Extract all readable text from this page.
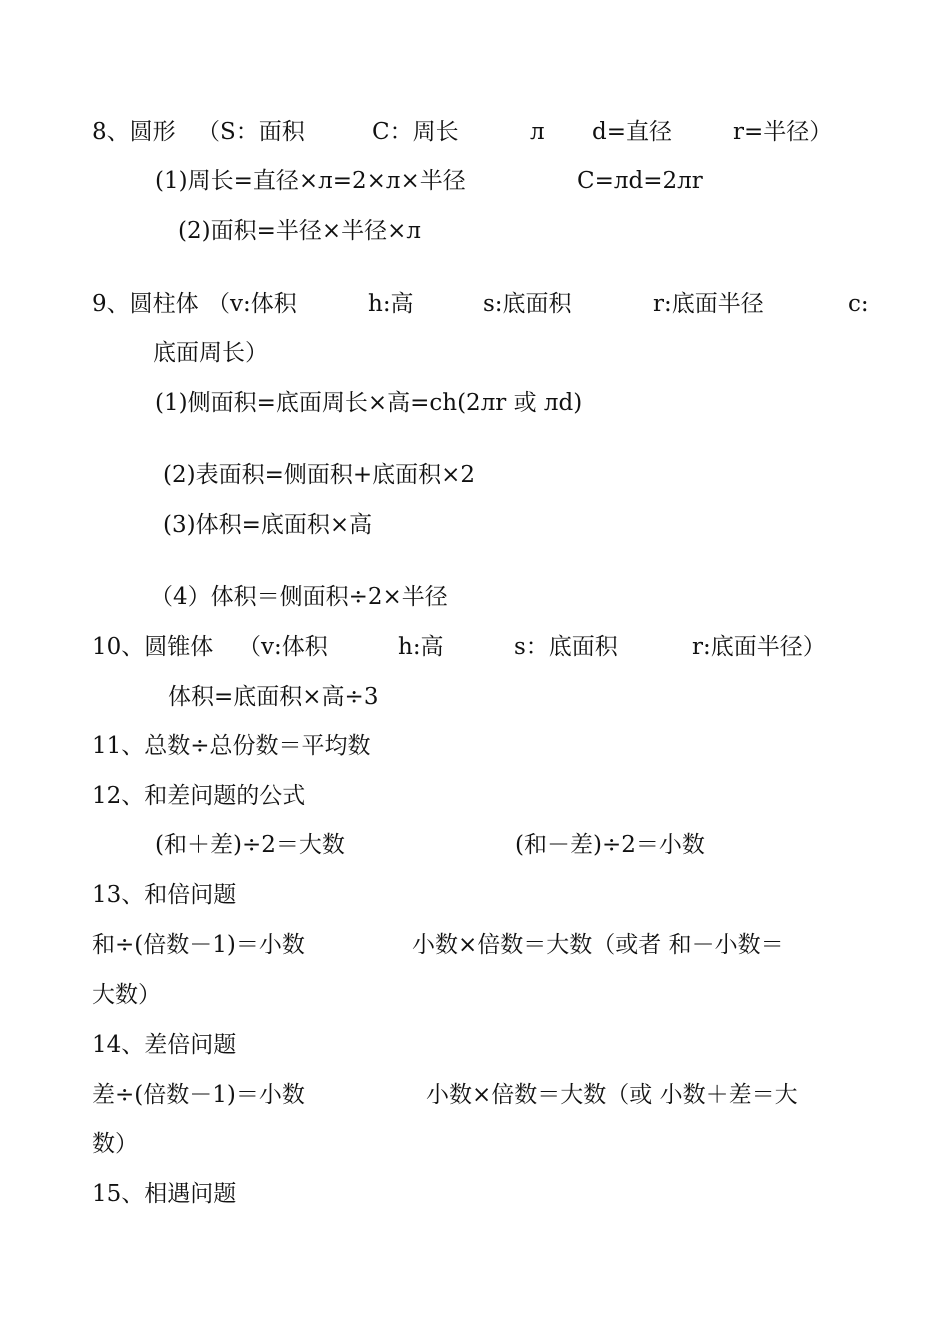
8、圆形 （S：面积	C：周长	л d=直径	r=半径）
(1)周长=直径×л=2×л×半径	C=лd=2лr
(2)面积=半径×半径×л
9、圆柱体 （v:体积	h:高	s:底面积	r:底面半径	c:
底面周长）
(1)侧面积=底面周长×高=ch(2лr 或 лd)
(2)表面积=侧面积+底面积×2
(3)体积=底面积×高
（4）体积＝侧面积÷2×半径
10、圆锥体 （v:体积	h:高	s：底面积	r:底面半径）
体积=底面积×高÷3
11、总数÷总份数＝平均数
12、和差问题的公式
(和＋差)÷2＝大数	(和－差)÷2＝小数
13、和倍问题
和÷(倍数－1)＝小数	小数×倍数＝大数（或者 和－小数＝
大数）
14、差倍问题
差÷(倍数－1)＝小数	小数×倍数＝大数（或 小数＋差＝大
数）
15、相遇问题
